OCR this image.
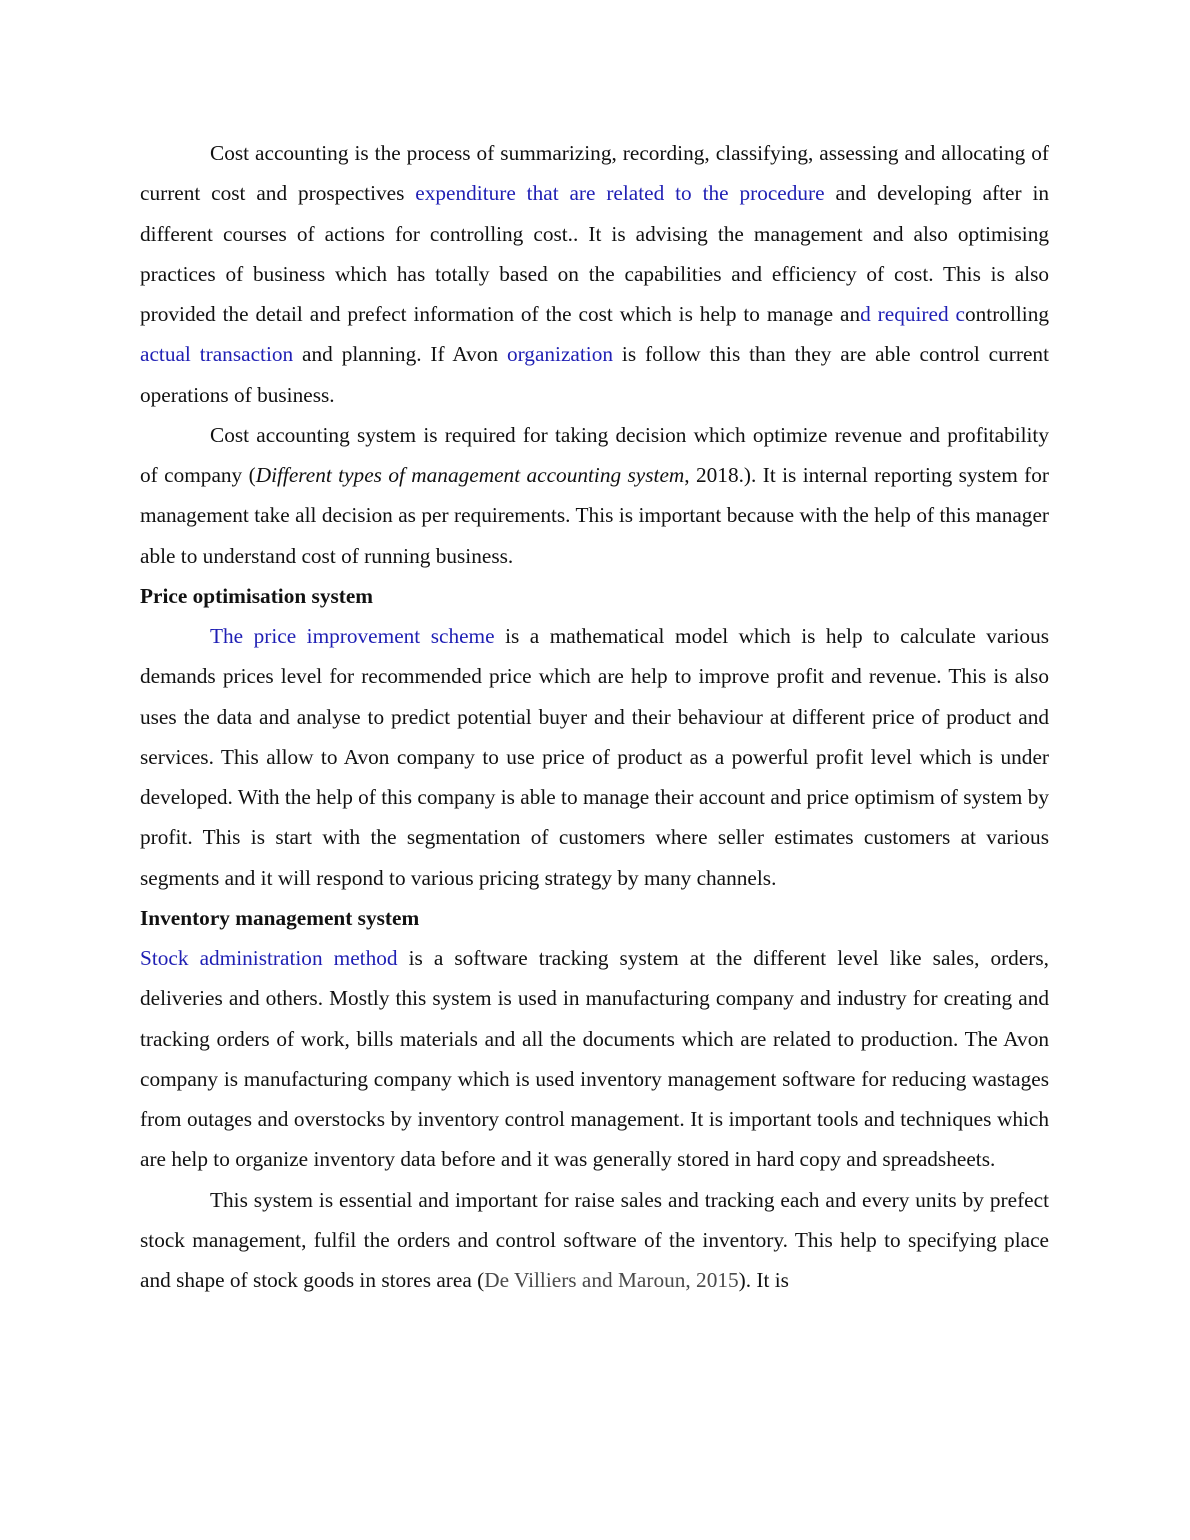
Cost accounting is the process of summarizing, recording, classifying, assessing and allocating of current cost and prospectives expenditure that are related to the procedure and developing after in different courses of actions for controlling cost.. It is advising the management and also optimising practices of business which has totally based on the capabilities and efficiency of cost. This is also provided the detail and prefect information of the cost which is help to manage and required controlling actual transaction and planning. If Avon organization is follow this than they are able control current operations of business.

Cost accounting system is required for taking decision which optimize revenue and profitability of company (Different types of management accounting system, 2018.). It is internal reporting system for management take all decision as per requirements. This is important because with the help of this manager able to understand cost of running business.

Price optimisation system

The price improvement scheme is a mathematical model which is help to calculate various demands prices level for recommended price which are help to improve profit and revenue. This is also uses the data and analyse to predict potential buyer and their behaviour at different price of product and services. This allow to Avon company to use price of product as a powerful profit level which is under developed. With the help of this company is able to manage their account and price optimism of system by profit. This is start with the segmentation of customers where seller estimates customers at various segments and it will respond to various pricing strategy by many channels.

Inventory management system

Stock administration method is a software tracking system at the different level like sales, orders, deliveries and others. Mostly this system is used in manufacturing company and industry for creating and tracking orders of work, bills materials and all the documents which are related to production. The Avon company is manufacturing company which is used inventory management software for reducing wastages from outages and overstocks by inventory control management. It is important tools and techniques which are help to organize inventory data before and it was generally stored in hard copy and spreadsheets.

This system is essential and important for raise sales and tracking each and every units by prefect stock management, fulfil the orders and control software of the inventory. This help to specifying place and shape of stock goods in stores area (De Villiers and Maroun, 2015). It is
